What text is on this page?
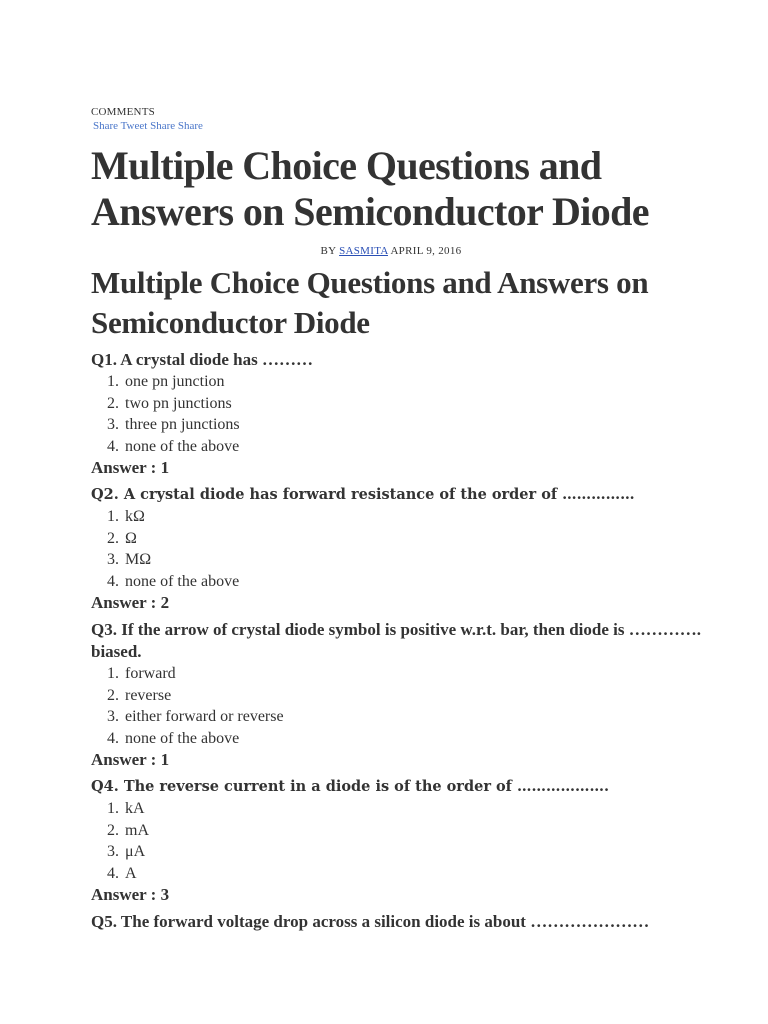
COMMENTS
Share Tweet Share Share
Multiple Choice Questions and Answers on Semiconductor Diode
BY SASMITA APRIL 9, 2016
Multiple Choice Questions and Answers on Semiconductor Diode
Q1. A crystal diode has ………
1. one pn junction
2. two pn junctions
3. three pn junctions
4. none of the above
Answer : 1
Q2. A crystal diode has forward resistance of the order of ……………
1. kΩ
2. Ω
3. MΩ
4. none of the above
Answer : 2
Q3. If the arrow of crystal diode symbol is positive w.r.t. bar, then diode is …………. biased.
1. forward
2. reverse
3. either forward or reverse
4. none of the above
Answer : 1
Q4. The reverse current in a diode is of the order of ……………….
1. kA
2. mA
3. μA
4. A
Answer : 3
Q5. The forward voltage drop across a silicon diode is about …………………
